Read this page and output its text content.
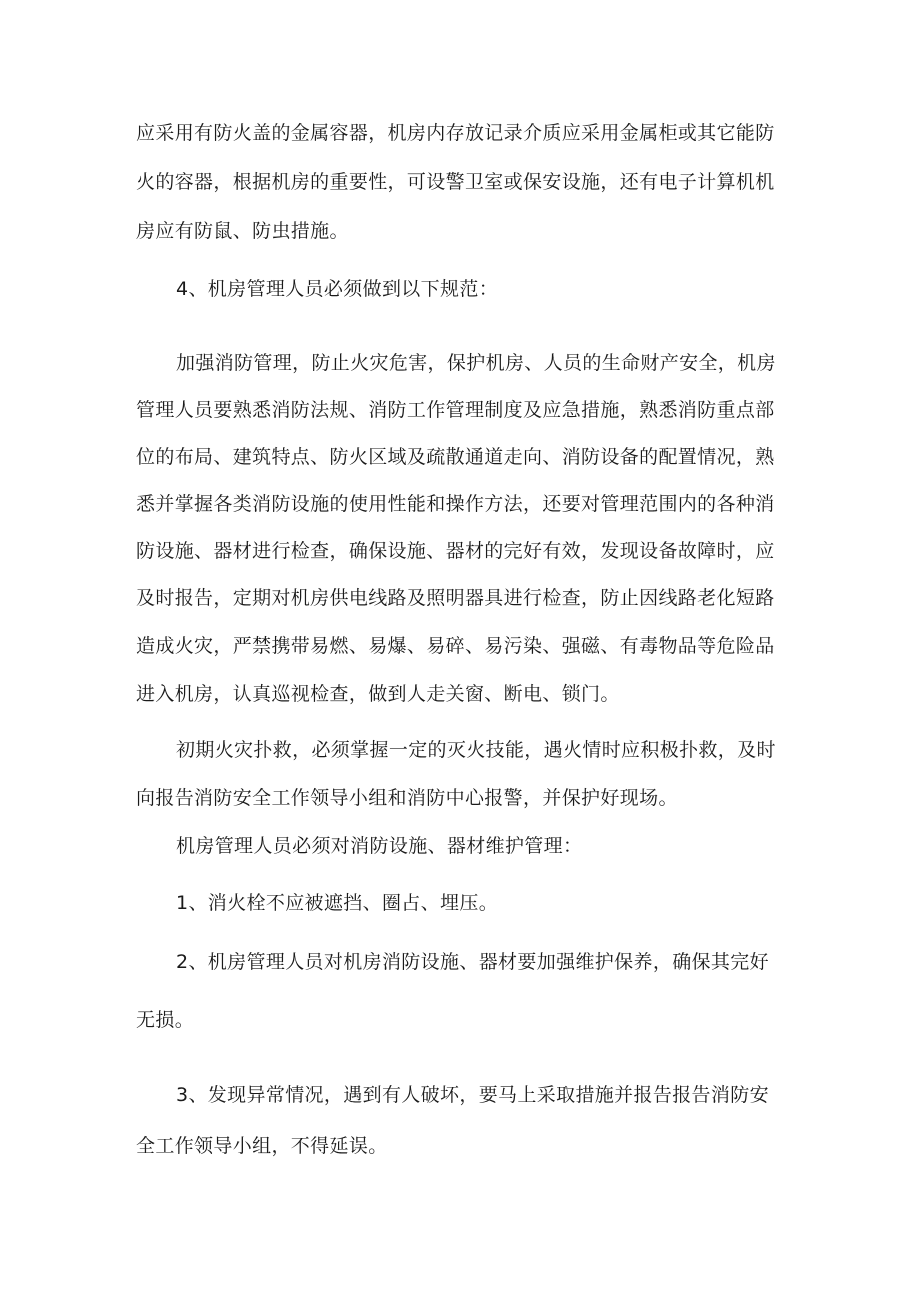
应采用有防火盖的金属容器，机房内存放记录介质应采用金属柜或其它能防
火的容器，根据机房的重要性，可设警卫室或保安设施，还有电子计算机机
房应有防鼠、防虫措施。
4、机房管理人员必须做到以下规范：
加强消防管理，防止火灾危害，保护机房、人员的生命财产安全，机房
管理人员要熟悉消防法规、消防工作管理制度及应急措施，熟悉消防重点部
位的布局、建筑特点、防火区域及疏散通道走向、消防设备的配置情况，熟
悉并掌握各类消防设施的使用性能和操作方法，还要对管理范围内的各种消
防设施、器材进行检查，确保设施、器材的完好有效，发现设备故障时，应
及时报告，定期对机房供电线路及照明器具进行检查，防止因线路老化短路
造成火灾，严禁携带易燃、易爆、易碎、易污染、强磁、有毒物品等危险品
进入机房，认真巡视检查，做到人走关窗、断电、锁门。
初期火灾扑救，必须掌握一定的灭火技能，遇火情时应积极扑救，及时
向报告消防安全工作领导小组和消防中心报警，并保护好现场。
机房管理人员必须对消防设施、器材维护管理：
1、消火栓不应被遮挡、圈占、埋压。
2、机房管理人员对机房消防设施、器材要加强维护保养，确保其完好
无损。
3、发现异常情况，遇到有人破坏，要马上采取措施并报告报告消防安
全工作领导小组，不得延误。
